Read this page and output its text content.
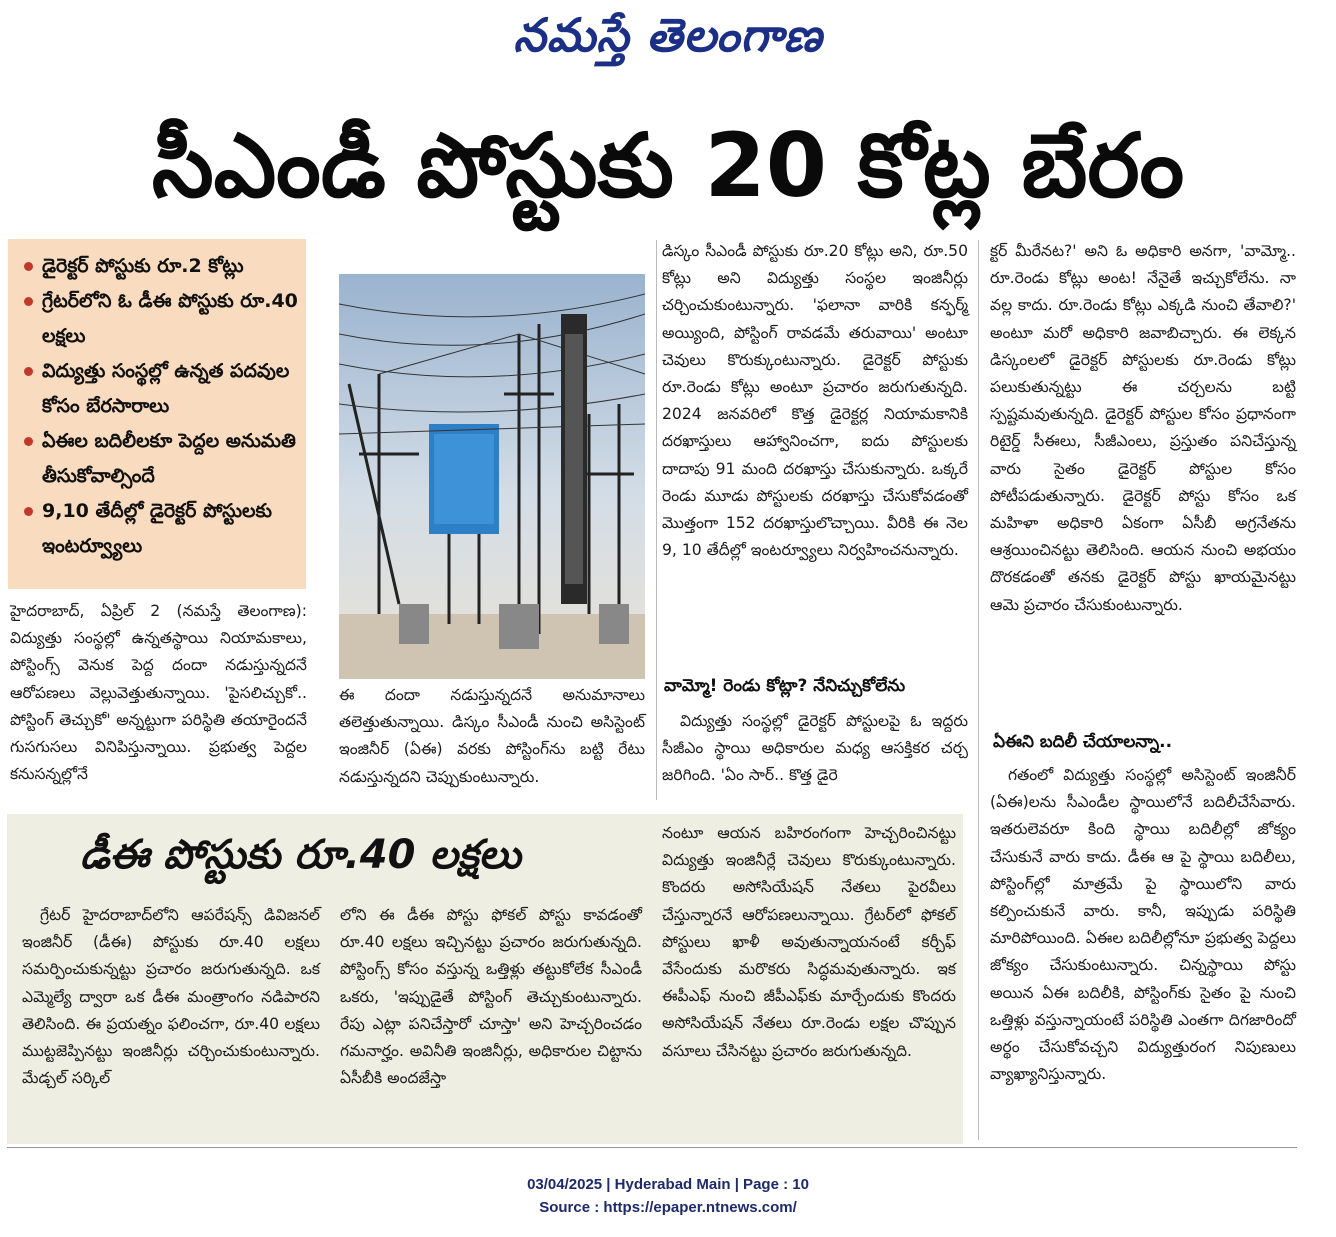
నమస్తే తెలంగాణ
సీఎండీ పోస్టుకు 20 కోట్ల బేరం
డైరెక్టర్ పోస్టుకు రూ.2 కోట్లు
గ్రేటర్‌లోని ఓ డీఈ పోస్టుకు రూ.40 లక్షలు
విద్యుత్తు సంస్థల్లో ఉన్నత పదవుల కోసం బేరసారాలు
ఏఈల బదిలీలకూ పెద్దల అనుమతి తీసుకోవాల్సిందే
9,10 తేదీల్లో డైరెక్టర్ పోస్టులకు ఇంటర్వ్యూలు

హైదరాబాద్, ఏప్రిల్ 2 (నమస్తే తెలంగాణ): విద్యుత్తు సంస్థల్లో ఉన్నతస్థాయి నియామకాలు, పోస్టింగ్స్ వెనుక పెద్ద దందా నడుస్తున్నదనే ఆరోపణలు వెల్లువెత్తుతున్నాయి. 'పైసలిచ్చుకో.. పోస్టింగ్ తెచ్చుకో' అన్నట్టుగా పరిస్థితి తయారైందనే గుసగుసలు వినిపిస్తున్నాయి. ప్రభుత్వ పెద్దల కనుసన్నల్లోనే

ఈ దందా నడుస్తున్నదనే అనుమానాలు తలెత్తుతున్నాయి. డిస్కం సీఎండీ నుంచి అసిస్టెంట్ ఇంజినీర్ (ఏఈ) వరకు పోస్టింగ్‌ను బట్టి రేటు నడుస్తున్నదని చెప్పుకుంటున్నారు.

డిస్కం సీఎండీ పోస్టుకు రూ.20 కోట్లు అని, రూ.50 కోట్లు అని విద్యుత్తు సంస్థల ఇంజినీర్లు చర్చించుకుంటున్నారు. 'ఫలానా వారికి కన్ఫర్మ్ అయ్యింది, పోస్టింగ్ రావడమే తరువాయి' అంటూ చెవులు కొరుక్కుంటున్నారు. డైరెక్టర్ పోస్టుకు రూ.రెండు కోట్లు అంటూ ప్రచారం జరుగుతున్నది. 2024 జనవరిలో కొత్త డైరెక్టర్ల నియామకానికి దరఖాస్తులు ఆహ్వానించగా, ఐదు పోస్టులకు దాదాపు 91 మంది దరఖాస్తు చేసుకున్నారు. ఒక్కరే రెండు మూడు పోస్టులకు దరఖాస్తు చేసుకోవడంతో మొత్తంగా 152 దరఖాస్తులొచ్చాయి. వీరికి ఈ నెల 9, 10 తేదీల్లో ఇంటర్వ్యూలు నిర్వహించనున్నారు.

వామ్మో! రెండు కోట్లా? నేనిచ్చుకోలేను

విద్యుత్తు సంస్థల్లో డైరెక్టర్ పోస్టులపై ఓ ఇద్దరు సీజీఎం స్థాయి అధికారుల మధ్య ఆసక్తికర చర్చ జరిగింది. 'ఏం సార్.. కొత్త డైరె

క్టర్ మీరేనట?' అని ఓ అధికారి అనగా, 'వామ్మో.. రూ.రెండు కోట్లు అంట! నేనైతే ఇచ్చుకోలేను. నా వల్ల కాదు. రూ.రెండు కోట్లు ఎక్కడి నుంచి తేవాలి?' అంటూ మరో అధికారి జవాబిచ్చారు. ఈ లెక్కన డిస్కంలలో డైరెక్టర్ పోస్టులకు రూ.రెండు కోట్లు పలుకుతున్నట్టు ఈ చర్చలను బట్టి స్పష్టమవుతున్నది. డైరెక్టర్ పోస్టుల కోసం ప్రధానంగా రిటైర్డ్ సీఈలు, సీజీఎంలు, ప్రస్తుతం పనిచేస్తున్న వారు సైతం డైరెక్టర్ పోస్టుల కోసం పోటీపడుతున్నారు. డైరెక్టర్ పోస్టు కోసం ఒక మహిళా అధికారి ఏకంగా ఏసీబీ అగ్రనేతను ఆశ్రయించినట్టు తెలిసింది. ఆయన నుంచి అభయం దొరకడంతో తనకు డైరెక్టర్ పోస్టు ఖాయమైనట్టు ఆమె ప్రచారం చేసుకుంటున్నారు.

ఏఈని బదిలీ చేయాలన్నా..

గతంలో విద్యుత్తు సంస్థల్లో అసిస్టెంట్ ఇంజినీర్ (ఏఈ)లను సీఎండీల స్థాయిలోనే బదిలీచేసేవారు. ఇతరులెవరూ కింది స్థాయి బదిలీల్లో జోక్యం చేసుకునే వారు కాదు. డీఈ ఆ పై స్థాయి బదిలీలు, పోస్టింగ్‌ల్లో మాత్రమే పై స్థాయిలోని వారు కల్పించుకునే వారు. కానీ, ఇప్పుడు పరిస్థితి మారిపోయింది. ఏఈల బదిలీల్లోనూ ప్రభుత్వ పెద్దలు జోక్యం చేసుకుంటున్నారు. చిన్నస్థాయి పోస్టు అయిన ఏఈ బదిలీకి, పోస్టింగ్‌కు సైతం పై నుంచి ఒత్తిళ్లు వస్తున్నాయంటే పరిస్థితి ఎంతగా దిగజారిందో అర్థం చేసుకోవచ్చని విద్యుత్తురంగ నిపుణులు వ్యాఖ్యానిస్తున్నారు.

డీఈ పోస్టుకు రూ.40 లక్షలు

గ్రేటర్ హైదరాబాద్‌లోని ఆపరేషన్స్ డివిజనల్ ఇంజినీర్ (డీఈ) పోస్టుకు రూ.40 లక్షలు సమర్పించుకున్నట్టు ప్రచారం జరుగుతున్నది. ఒక ఎమ్మెల్యే ద్వారా ఒక డీఈ మంత్రాంగం నడిపారని తెలిసింది. ఈ ప్రయత్నం ఫలించగా, రూ.40 లక్షలు ముట్టజెప్పినట్టు ఇంజినీర్లు చర్చించుకుంటున్నారు. మేడ్చల్ సర్కిల్

లోని ఈ డీఈ పోస్టు ఫోకల్ పోస్టు కావడంతో రూ.40 లక్షలు ఇచ్చినట్టు ప్రచారం జరుగుతున్నది. పోస్టింగ్స్ కోసం వస్తున్న ఒత్తిళ్లు తట్టుకోలేక సీఎండీ ఒకరు, 'ఇప్పుడైతే పోస్టింగ్ తెచ్చుకుంటున్నారు. రేపు ఎట్లా పనిచేస్తారో చూస్తా' అని హెచ్చరించడం గమనార్హం. అవినీతి ఇంజినీర్లు, అధికారుల చిట్టాను ఏసీబీకి అందజేస్తా

నంటూ ఆయన బహిరంగంగా హెచ్చరించినట్టు విద్యుత్తు ఇంజినీర్లే చెవులు కొరుక్కుంటున్నారు. కొందరు అసోసియేషన్ నేతలు పైరవీలు చేస్తున్నారనే ఆరోపణలున్నాయి. గ్రేటర్‌లో ఫోకల్ పోస్టులు ఖాళీ అవుతున్నాయనంటే కర్చీఫ్ వేసేందుకు మరొకరు సిద్ధమవుతున్నారు. ఇక ఈపీఎఫ్ నుంచి జీపీఎఫ్‌కు మార్చేందుకు కొందరు అసోసియేషన్ నేతలు రూ.రెండు లక్షల చొప్పున వసూలు చేసినట్టు ప్రచారం జరుగుతున్నది.

03/04/2025 | Hyderabad Main | Page : 10
Source : https://epaper.ntnews.com/
